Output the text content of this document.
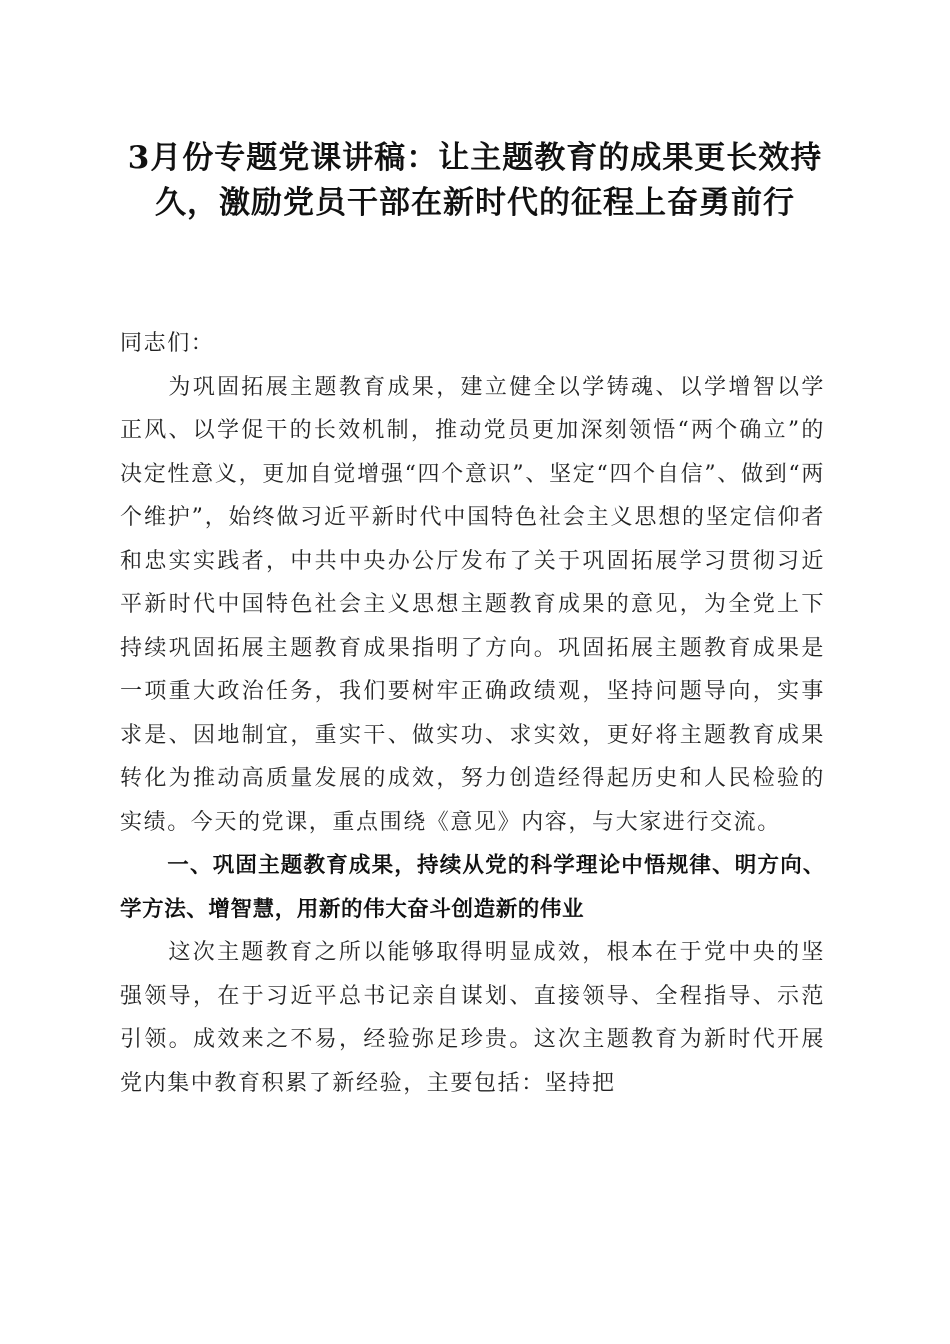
3月份专题党课讲稿：让主题教育的成果更长效持久，激励党员干部在新时代的征程上奋勇前行

同志们：

为巩固拓展主题教育成果，建立健全以学铸魂、以学增智以学正风、以学促干的长效机制，推动党员更加深刻领悟“两个确立”的决定性意义，更加自觉增强“四个意识”、坚定“四个自信”、做到“两个维护”，始终做习近平新时代中国特色社会主义思想的坚定信仰者和忠实实践者，中共中央办公厅发布了关于巩固拓展学习贯彻习近平新时代中国特色社会主义思想主题教育成果的意见，为全党上下持续巩固拓展主题教育成果指明了方向。巩固拓展主题教育成果是一项重大政治任务，我们要树牢正确政绩观，坚持问题导向，实事求是、因地制宜，重实干、做实功、求实效，更好将主题教育成果转化为推动高质量发展的成效，努力创造经得起历史和人民检验的实绩。今天的党课，重点围绕《意见》内容，与大家进行交流。

一、巩固主题教育成果，持续从党的科学理论中悟规律、明方向、学方法、增智慧，用新的伟大奋斗创造新的伟业

这次主题教育之所以能够取得明显成效，根本在于党中央的坚强领导，在于习近平总书记亲自谋划、直接领导、全程指导、示范引领。成效来之不易，经验弥足珍贵。这次主题教育为新时代开展党内集中教育积累了新经验，主要包括：坚持把
